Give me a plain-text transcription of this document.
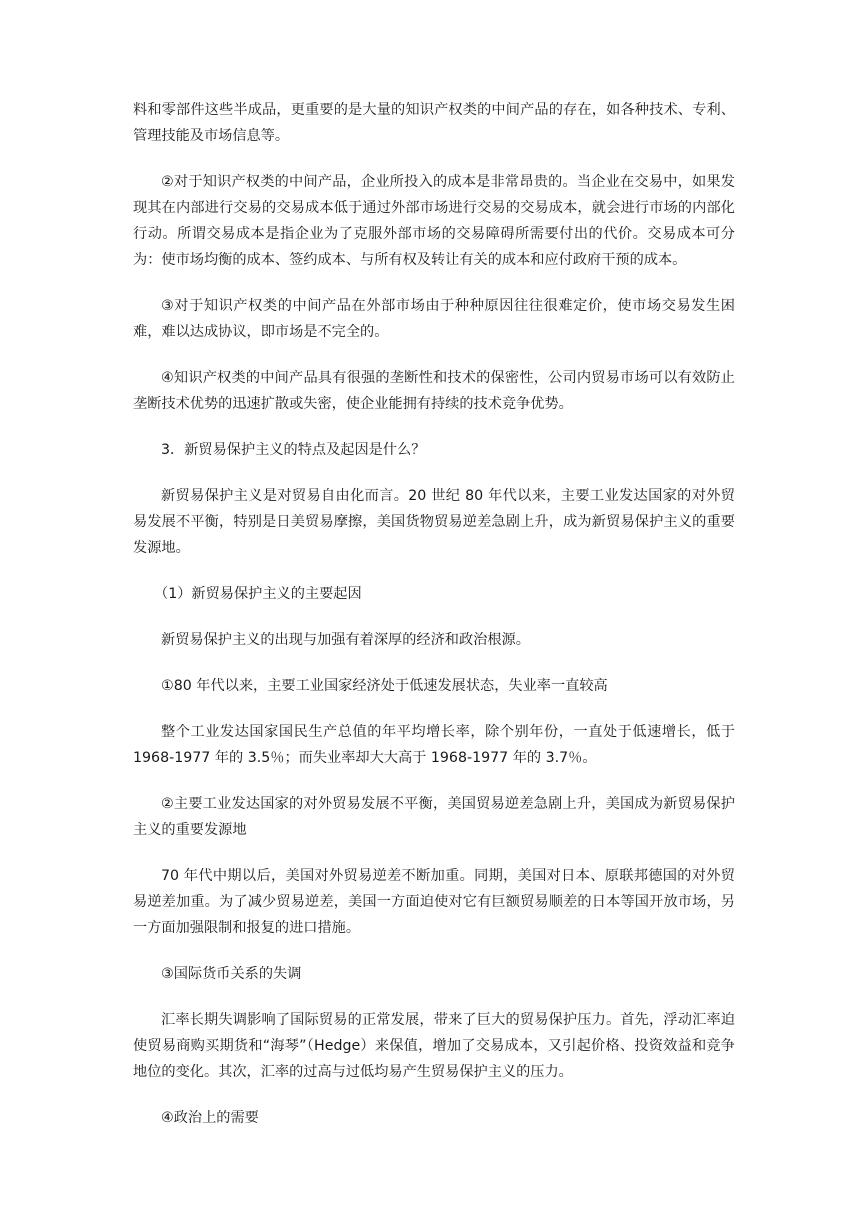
料和零部件这些半成品，更重要的是大量的知识产权类的中间产品的存在，如各种技术、专利、管理技能及市场信息等。

②对于知识产权类的中间产品，企业所投入的成本是非常昂贵的。当企业在交易中，如果发现其在内部进行交易的交易成本低于通过外部市场进行交易的交易成本，就会进行市场的内部化行动。所谓交易成本是指企业为了克服外部市场的交易障碍所需要付出的代价。交易成本可分为：使市场均衡的成本、签约成本、与所有权及转让有关的成本和应付政府干预的成本。

③对于知识产权类的中间产品在外部市场由于种种原因往往很难定价，使市场交易发生困难，难以达成协议，即市场是不完全的。

④知识产权类的中间产品具有很强的垄断性和技术的保密性，公司内贸易市场可以有效防止垄断技术优势的迅速扩散或失密，使企业能拥有持续的技术竞争优势。

3．新贸易保护主义的特点及起因是什么？

新贸易保护主义是对贸易自由化而言。20 世纪 80 年代以来，主要工业发达国家的对外贸易发展不平衡，特别是日美贸易摩擦，美国货物贸易逆差急剧上升，成为新贸易保护主义的重要发源地。

（1）新贸易保护主义的主要起因

新贸易保护主义的出现与加强有着深厚的经济和政治根源。

①80 年代以来，主要工业国家经济处于低速发展状态，失业率一直较高

整个工业发达国家国民生产总值的年平均增长率，除个别年份，一直处于低速增长，低于 1968-1977 年的 3.5％；而失业率却大大高于 1968-1977 年的 3.7％。

②主要工业发达国家的对外贸易发展不平衡，美国贸易逆差急剧上升，美国成为新贸易保护主义的重要发源地

70 年代中期以后，美国对外贸易逆差不断加重。同期，美国对日本、原联邦德国的对外贸易逆差加重。为了减少贸易逆差，美国一方面迫使对它有巨额贸易顺差的日本等国开放市场，另一方面加强限制和报复的进口措施。

③国际货币关系的失调

汇率长期失调影响了国际贸易的正常发展，带来了巨大的贸易保护压力。首先，浮动汇率迫使贸易商购买期货和“海琴”（Hedge）来保值，增加了交易成本，又引起价格、投资效益和竞争地位的变化。其次，汇率的过高与过低均易产生贸易保护主义的压力。

④政治上的需要
